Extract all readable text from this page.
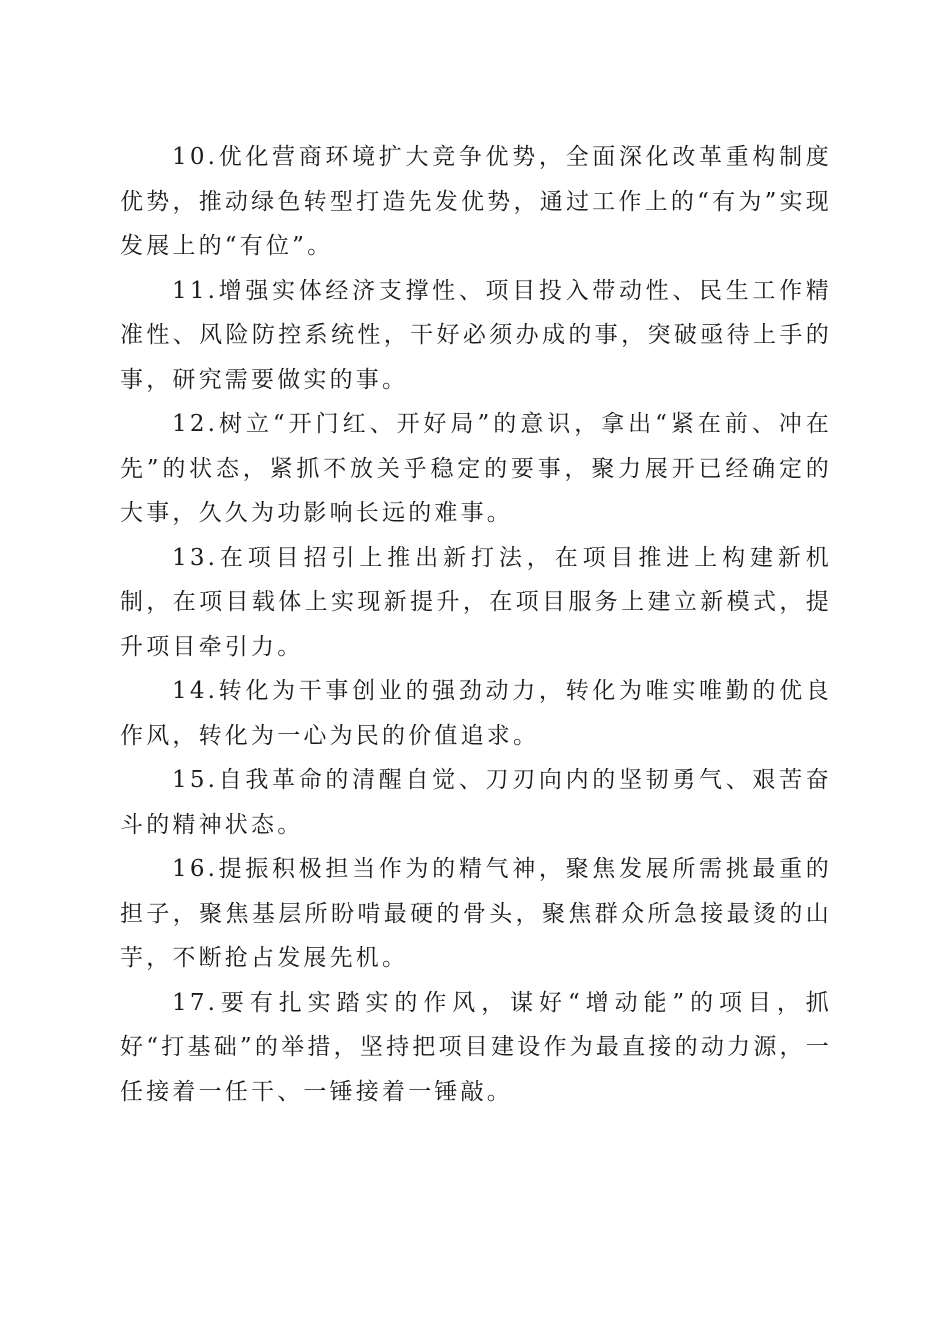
10.优化营商环境扩大竞争优势，全面深化改革重构制度优势，推动绿色转型打造先发优势，通过工作上的“有为”实现发展上的“有位”。

11.增强实体经济支撑性、项目投入带动性、民生工作精准性、风险防控系统性，干好必须办成的事，突破亟待上手的事，研究需要做实的事。

12.树立“开门红、开好局”的意识，拿出“紧在前、冲在先”的状态，紧抓不放关乎稳定的要事，聚力展开已经确定的大事，久久为功影响长远的难事。

13.在项目招引上推出新打法，在项目推进上构建新机制，在项目载体上实现新提升，在项目服务上建立新模式，提升项目牵引力。

14.转化为干事创业的强劲动力，转化为唯实唯勤的优良作风，转化为一心为民的价值追求。

15.自我革命的清醒自觉、刀刃向内的坚韧勇气、艰苦奋斗的精神状态。

16.提振积极担当作为的精气神，聚焦发展所需挑最重的担子，聚焦基层所盼啃最硬的骨头，聚焦群众所急接最烫的山芋，不断抢占发展先机。

17.要有扎实踏实的作风，谋好“增动能”的项目，抓好“打基础”的举措，坚持把项目建设作为最直接的动力源，一任接着一任干、一锤接着一锤敲。
